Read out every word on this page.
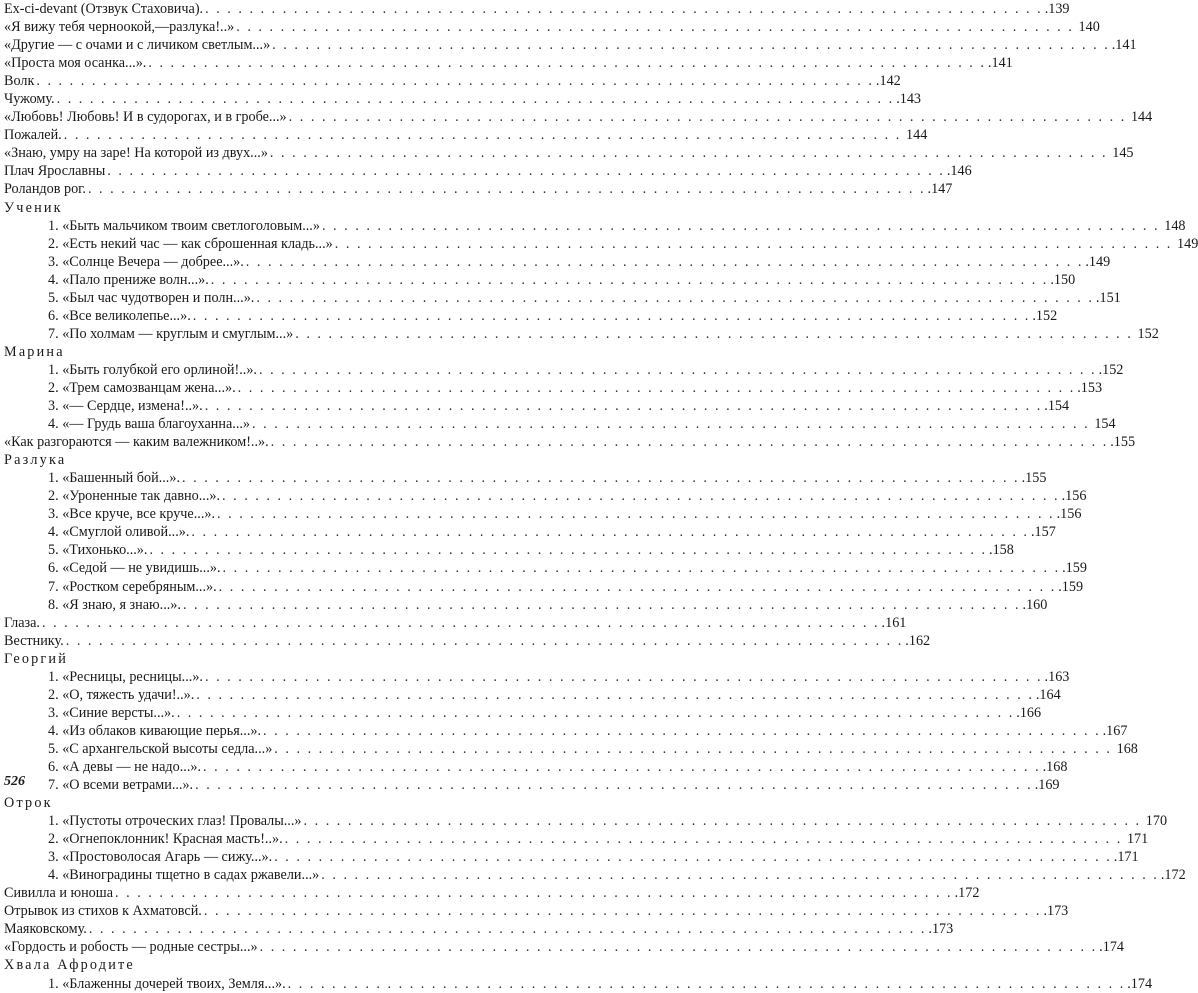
Ex-ci-devant (Отзвук Стаховича). . . .	.139
«Я вижу тебя черноокой,—разлука!..» . . .	140
«Другие — с очами и с личиком светлым...» . . .	.141
«Проста моя осанка...». . . .	.141
Волк . . .	.142
Чужому. . . .	.143
«Любовь! Любовь! И в судорогах, и в гробе...» . . .	144
Пожалей. . . .	144
«Знаю, умру на заре! На которой из двух...» . . .	145
Плач Ярославны . . .	.146
Роландов рог. . . .	.147
Ученик
1. «Быть мальчиком твоим светлоголовым...» . . .	148
2. «Есть некий час — как сброшенная кладь...» . . .	149
3. «Солнце Вечера — добрее...». . . .	.149
4. «Пало прениже волн...». . . .	.150
5. «Был час чудотворен и полн...». . . .	.151
6. «Все великолепье...». . . .	.152
7. «По холмам — круглым и смуглым...» . . .	152
Марина
1. «Быть голубкой его орлиной!..». . . .	.152
2. «Трем самозванцам жена...». . . .	.153
3. «— Сердце, измена!..». . . .	.154
4. «— Грудь ваша благоуханна...» . . .	154
«Как разгораются — каким валежником!..». . . .	.155
Разлука
1. «Башенный бой...». . . .	.155
2. «Уроненные так давно...». . . .	.156
3. «Все круче, все круче...». . . .	.156
4. «Смуглой оливой...». . . .	.157
5. «Тихонько...». . . .	.158
6. «Седой — не увидишь...». . . .	.159
7. «Ростком серебряным...». . . .	.159
8. «Я знаю, я знаю...». . . .	.160
Глаза. . . .	.161
Вестнику. . . .	.162
Георгий
1. «Ресницы, ресницы...». . . .	.163
2. «О, тяжесть удачи!..». . . .	.164
3. «Синие версты...». . . .	.166
4. «Из облаков кивающие перья...». . . .	.167
5. «С архангельской высоты седла...» . . .	168
6. «А девы — не надо...». . . .	.168
7. «О всеми ветрами...». . . .	.169
Отрок
1. «Пустоты отроческих глаз! Провалы...» . . .	170
2. «Огнепоклонник! Красная масть!..». . . .	171
3. «Простоволосая Агарь — сижу...». . . .	.171
4. «Виноградины тщетно в садах ржавели...» . . .	.172
Сивилла и юноша . . .	.172
Отрывок из стихов к Ахматовсй. . . .	.173
Маяковскому. . . .	.173
«Гордость и робость — родные сестры...» . . .	.174
Хвала Афродите
1. «Блаженны дочерей твоих, Земля...». . . .	.174
526
